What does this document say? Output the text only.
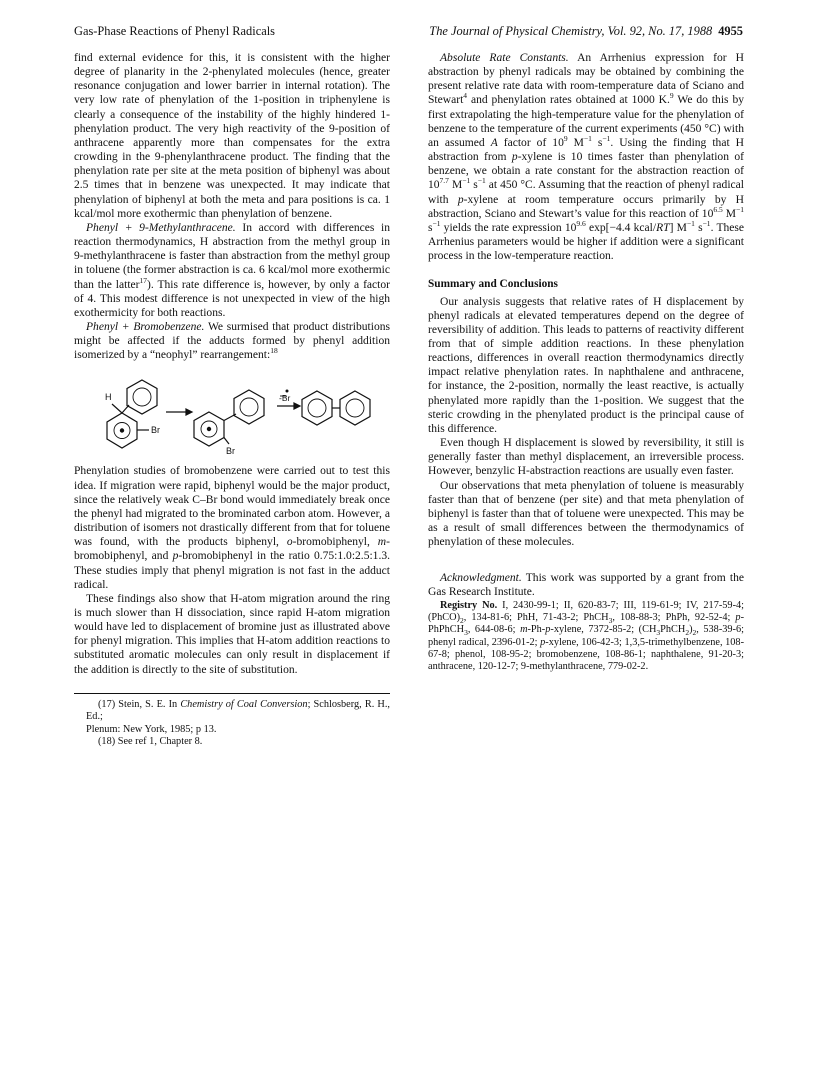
Gas-Phase Reactions of Phenyl Radicals	The Journal of Physical Chemistry, Vol. 92, No. 17, 1988 4955

find external evidence for this, it is consistent with the higher degree of planarity in the 2-phenylated molecules (hence, greater resonance conjugation and lower barrier in internal rotation). The very low rate of phenylation of the 1-position in triphenylene is clearly a consequence of the instability of the highly hindered 1-phenylation product. The very high reactivity of the 9-position of anthracene apparently more than compensates for the extra crowding in the 9-phenylanthracene product. The finding that the phenylation rate per site at the meta position of biphenyl was about 2.5 times that in benzene was unexpected. It may indicate that phenylation of biphenyl at both the meta and para positions is ca. 1 kcal/mol more exothermic than phenylation of benzene.

Phenyl + 9-Methylanthracene. In accord with differences in reaction thermodynamics, H abstraction from the methyl group in 9-methylanthracene is faster than abstraction from the methyl group in toluene (the former abstraction is ca. 6 kcal/mol more exothermic than the latter$^{17}$). This rate difference is, however, by only a factor of 4. This modest difference is not unexpected in view of the high exothermicity for both reactions.

Phenyl + Bromobenzene. We surmised that product distributions might be affected if the adducts formed by phenyl addition isomerized by a “neophyl” rearrangement:$^{18}$

H
Br
Br
-Br

Phenylation studies of bromobenzene were carried out to test this idea. If migration were rapid, biphenyl would be the major product, since the relatively weak C–Br bond would immediately break once the phenyl had migrated to the brominated carbon atom. However, a distribution of isomers not drastically different from that for toluene was found, with the products biphenyl, o-bromobiphenyl, m-bromobiphenyl, and p-bromobiphenyl in the ratio 0.75:1.0:2.5:1.3. These studies imply that phenyl migration is not fast in the adduct radical.

These findings also show that H-atom migration around the ring is much slower than H dissociation, since rapid H-atom migration would have led to displacement of bromine just as illustrated above for phenyl migration. This implies that H-atom addition reactions to substituted aromatic molecules can only result in displacement if the addition is directly to the site of substitution.

(17) Stein, S. E. In Chemistry of Coal Conversion; Schlosberg, R. H., Ed.;
Plenum: New York, 1985; p 13.

(18) See ref 1, Chapter 8.

Absolute Rate Constants. An Arrhenius expression for H abstraction by phenyl radicals may be obtained by combining the present relative rate data with room-temperature data of Sciano and Stewart$^4$ and phenylation rates obtained at 1000 K.$^9$ We do this by first extrapolating the high-temperature value for the phenylation of benzene to the temperature of the current experiments (450 °C) with an assumed A factor of $10^9$ $M^{-1}$ $s^{-1}$. Using the finding that H abstraction from p-xylene is 10 times faster than phenylation of benzene, we obtain a rate constant for the abstraction reaction of $10^{7.7}$ $M^{-1}$ $s^{-1}$ at 450 °C. Assuming that the reaction of phenyl radical with p-xylene at room temperature occurs primarily by H abstraction, Sciano and Stewart’s value for this reaction of $10^{6.5}$ $M^{-1}$ $s^{-1}$ yields the rate expression $10^{9.6}$ exp[−4.4 kcal/RT] $M^{-1}$ $s^{-1}$. These Arrhenius parameters would be higher if addition were a significant process in the low-temperature reaction.

Summary and Conclusions

Our analysis suggests that relative rates of H displacement by phenyl radicals at elevated temperatures depend on the degree of reversibility of addition. This leads to patterns of reactivity different from that of simple addition reactions. In these phenylation reactions, differences in overall reaction thermodynamics directly impact relative phenylation rates. In naphthalene and anthracene, for instance, the 2-position, normally the least reactive, is actually phenylated more rapidly than the 1-position. We suggest that the steric crowding in the phenylated product is the principal cause of this difference.

Even though H displacement is slowed by reversibility, it still is generally faster than methyl displacement, an irreversible process. However, benzylic H-abstraction reactions are usually even faster.

Our observations that meta phenylation of toluene is measurably faster than that of benzene (per site) and that meta phenylation of biphenyl is faster than that of toluene were unexpected. This may be as a result of small differences between the thermodynamics of phenylation of these molecules.

Acknowledgment. This work was supported by a grant from the Gas Research Institute.

Registry No. I, 2430-99-1; II, 620-83-7; III, 119-61-9; IV, 217-59-4; $(PhCO)_2$, 134-81-6; PhH, 71-43-2; PhCH$_3$, 108-88-3; PhPh, 92-52-4; p-PhPhCH$_3$, 644-08-6; m-Ph-p-xylene, 7372-85-2; $(CH_3PhCH_2)_2$, 538-39-6; phenyl radical, 2396-01-2; p-xylene, 106-42-3; 1,3,5-trimethylbenzene, 108-67-8; phenol, 108-95-2; bromobenzene, 108-86-1; naphthalene, 91-20-3; anthracene, 120-12-7; 9-methylanthracene, 779-02-2.
